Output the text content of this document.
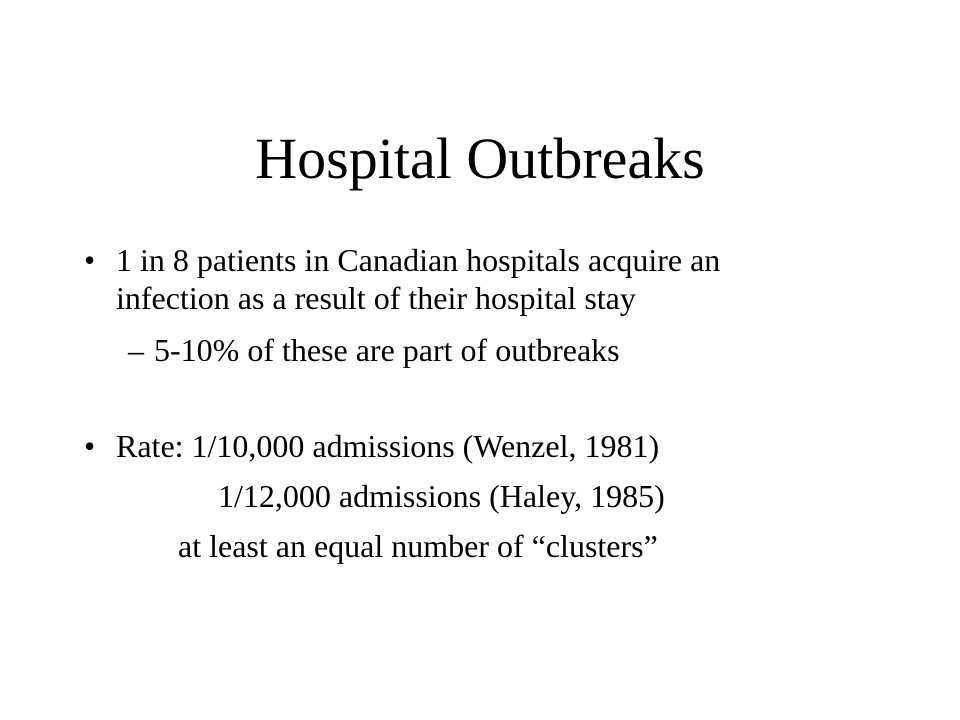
Hospital Outbreaks
• 1 in 8 patients in Canadian hospitals acquire an
infection as a result of their hospital stay
– 5-10% of these are part of outbreaks
• Rate: 1/10,000 admissions (Wenzel, 1981)
1/12,000 admissions (Haley, 1985)
at least an equal number of “clusters”
